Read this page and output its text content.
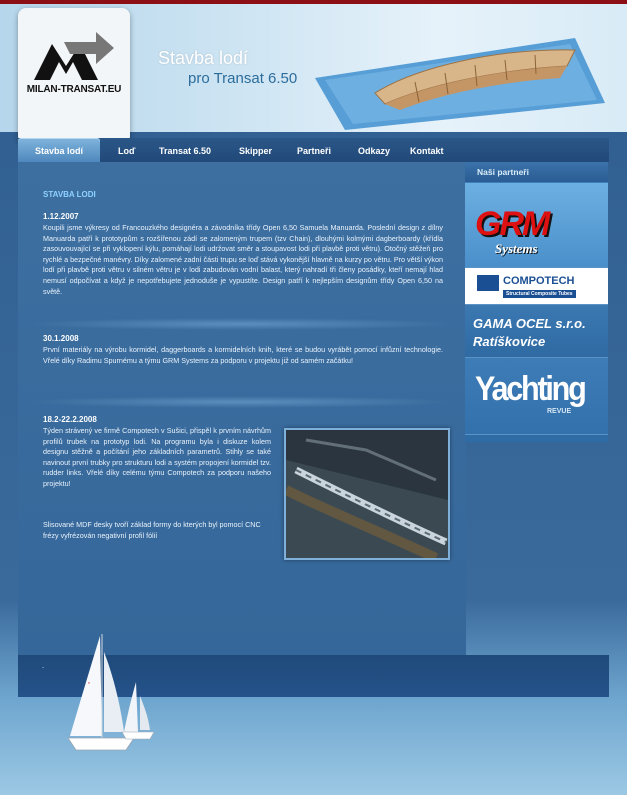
Stavba lodí
pro Transat 6.50
MILAN-TRANSAT.EU
Stavba lodí	Loď	Transat 6.50	Skipper	Partneři	Odkazy Kontakt
STAVBA LODI
1.12.2007
Koupili jsme výkresy od Francouzkého designéra a závodníka třídy Open 6,50 Samuela Manuarda. Poslední design z dílny Manuarda patří k prototypům s rozšířenou zádí se zalomeným trupem (tzv Chain), dlouhými kolmými dagberboardy (křídla zasouvouvající se při vyklopení kýlu, pomáhají lodi udržovat směr a stoupavost lodi při plavbě proti větru). Otočný stěžeň pro rychlé a bezpečné manévry. Díky zalomené zadní části trupu se loď stává vykonější hlavně na kurzy po větru. Pro větší výkon lodí při plavbě proti větru v silném větru je v lodi zabudován vodní balast, který nahradí tři členy posádky, kteří nemají hlad nemusí odpočívat a když je nepotřebujete jednoduše je vypustíte. Design patří k nejlepším designům třídy Open 6,50 na světě.
30.1.2008
První materiály na výrobu kormidel, daggerboards a kormidelních knih, které se budou vyrábět pomocí infůzní technologie. Vřelé díky Radimu Spurnému a týmu GRM Systems za podporu v projektu již od samém začátku!
18.2-22.2.2008
Týden strávený ve firmě Compotech v Sušici, přispěl k prvním návrhům profilů trubek na prototyp lodi. Na programu byla i diskuze kolem designu stěžně a počítání jeho základních parametrů. Stihly se také navinout první trubky pro strukturu lodi a systém propojení kormidel tzv. rudder links. Vřelé díky celému týmu Compotech za podporu našeho projektu!
Slisované MDF desky tvoří základ formy do kterých byl pomocí CNC frézy vyfrézován negativní profil fólií
Naši partneři
GRM
Systems
COMPOTECH
Structural Composite Tubes
GAMA OCEL s.r.o.
Ratíškovice
Yachting
REVUE
.
*
